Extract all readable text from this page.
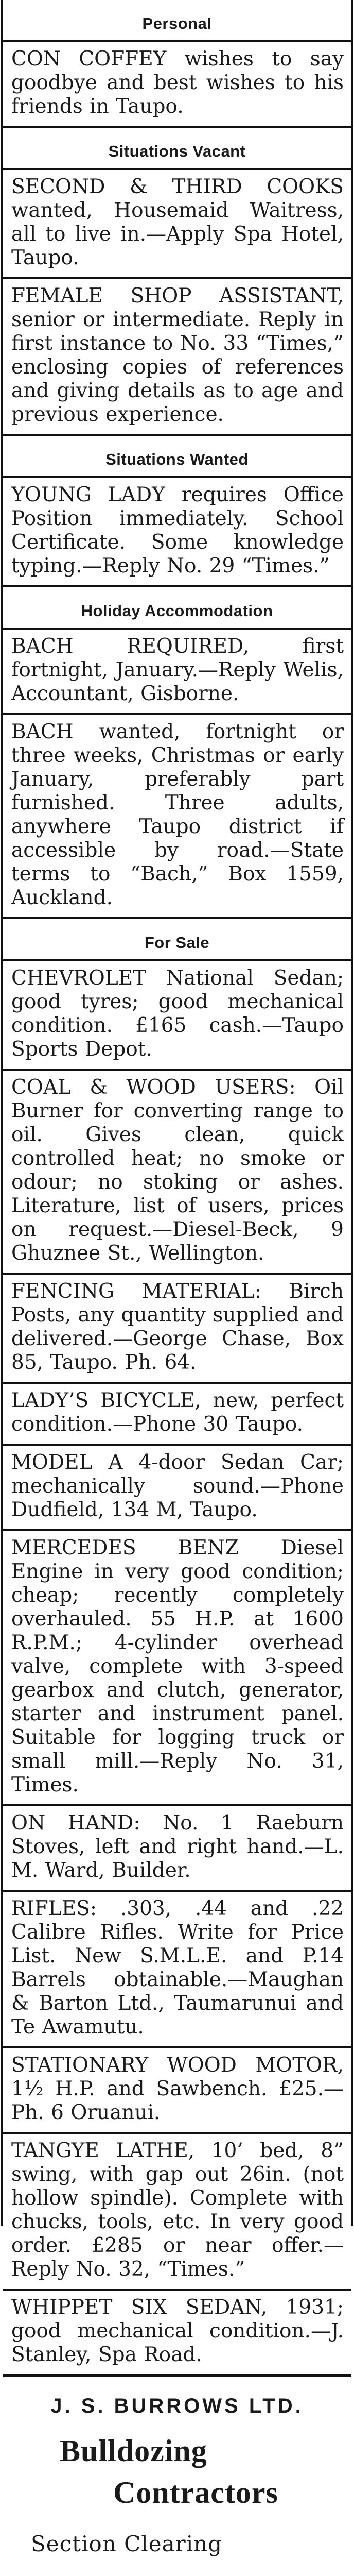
Personal
CON COFFEY wishes to say goodbye and best wishes to his friends in Taupo.
Situations Vacant
SECOND & THIRD COOKS wanted, Housemaid Waitress, all to live in.—Apply Spa Hotel, Taupo.
FEMALE SHOP ASSISTANT, senior or intermediate. Reply in first instance to No. 33 “Times,” enclosing copies of references and giving details as to age and previous experience.
Situations Wanted
YOUNG LADY requires Office Position immediately. School Certificate. Some knowledge typing.—Reply No. 29 “Times.”
Holiday Accommodation
BACH REQUIRED, first fortnight, January.—Reply Welis, Accountant, Gisborne.
BACH wanted, fortnight or three weeks, Christmas or early January, preferably part furnished. Three adults, anywhere Taupo district if accessible by road.—State terms to “Bach,” Box 1559, Auckland.
For Sale
CHEVROLET National Sedan; good tyres; good mechanical condition. £165 cash.—Taupo Sports Depot.
COAL & WOOD USERS: Oil Burner for converting range to oil. Gives clean, quick controlled heat; no smoke or odour; no stoking or ashes. Literature, list of users, prices on request.—Diesel-Beck, 9 Ghuznee St., Wellington.
FENCING MATERIAL: Birch Posts, any quantity supplied and delivered.—George Chase, Box 85, Taupo. Ph. 64.
LADY’S BICYCLE, new, perfect condition.—Phone 30 Taupo.
MODEL A 4-door Sedan Car; mechanically sound.—Phone Dudfield, 134 M, Taupo.
MERCEDES BENZ Diesel Engine in very good condition; cheap; recently completely overhauled. 55 H.P. at 1600 R.P.M.; 4-cylinder overhead valve, complete with 3-speed gearbox and clutch, generator, starter and instrument panel. Suitable for logging truck or small mill.—Reply No. 31, Times.
ON HAND: No. 1 Raeburn Stoves, left and right hand.—L. M. Ward, Builder.
RIFLES: .303, .44 and .22 Calibre Rifles. Write for Price List. New S.M.L.E. and P.14 Barrels obtainable.—Maughan & Barton Ltd., Taumarunui and Te Awamutu.
STATIONARY WOOD MOTOR, 1½ H.P. and Sawbench. £25.—Ph. 6 Oruanui.
TANGYE LATHE, 10’ bed, 8” swing, with gap out 26in. (not hollow spindle). Complete with chucks, tools, etc. In very good order. £285 or near offer.—Reply No. 32, “Times.”
WHIPPET SIX SEDAN, 1931; good mechanical condition.—J. Stanley, Spa Road.
J. S. BURROWS LTD.
Bulldozing
Contractors
Section Clearing
